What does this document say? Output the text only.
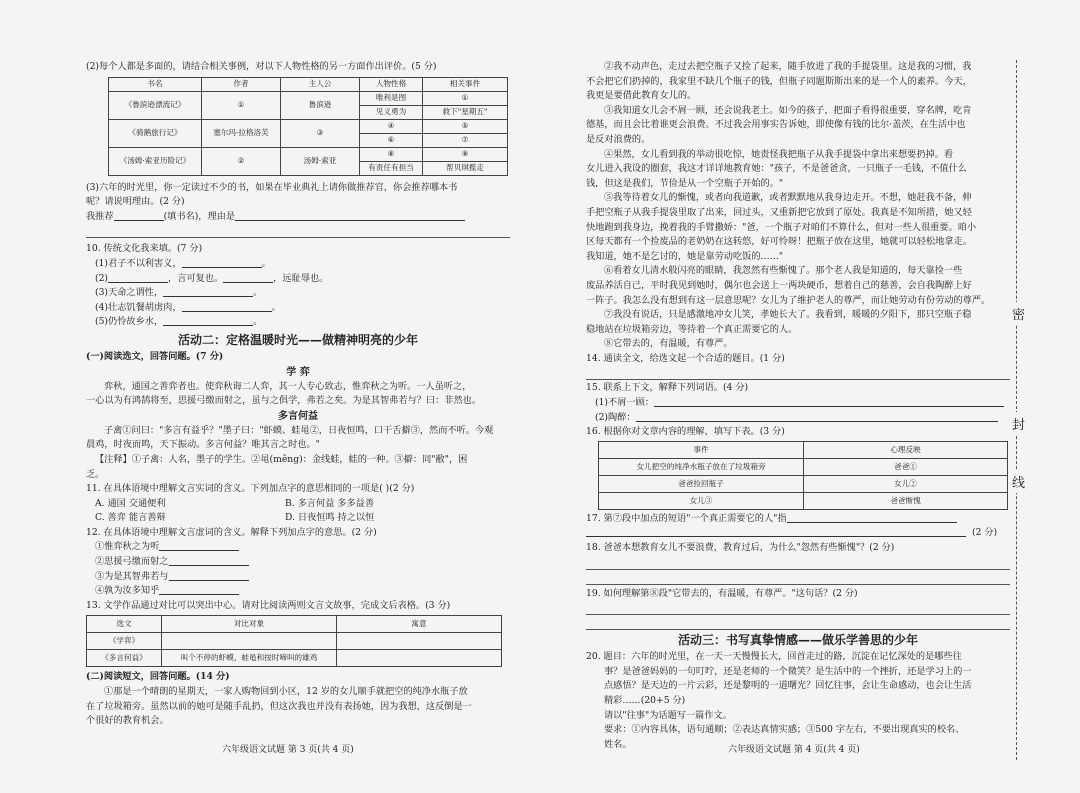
(2)每个人都是多面的，请结合相关事例，对以下人物性格的另一方面作出评价。(5 分)
书名	作者	主人公	人物性格	相关事件
《鲁滨逊漂流记》	①	鲁滨逊	唯利是图	①
			见义勇为	救下"星期五"
《骑鹅旅行记》	塞尔玛·拉格洛芙	③	④	⑤
			⑥	⑦
《汤姆·索亚历险记》	②	汤姆·索亚	⑧	⑨
			有责任有担当	帮贝琪揽走
(3)六年的时光里，你一定读过不少的书，如果在毕业典礼上请你做推荐官，你会推荐哪本书
呢？请说明理由。(2 分)
我推荐	(填书名)，理由是
10. 传统文化我来填。(7 分)
(1)君子不以利害义，	。
(2)	，言可复也。	，远耻辱也。
(3)天命之谓性，	。
(4)壮志饥餐胡虏肉，	。
(5)仍怜故乡水，	。
活动二：定格温暖时光——做精神明亮的少年
(一)阅读选文，回答问题。(7 分)
学 弈
弈秋，通国之善弈者也。使弈秋诲二人弈，其一人专心致志，惟弈秋之为听。一人虽听之，
一心以为有鸿鹄将至，思援弓缴而射之，虽与之俱学，弗若之矣。为是其智弗若与？曰：非然也。
多言何益
子禽①问曰："多言有益乎？"墨子曰："虾蟆、蛙黾②，日夜恒鸣，口干舌擗③，然而不听。今观
晨鸡，时夜而鸣，天下振动。多言何益？唯其言之时也。"
【注释】①子禽：人名，墨子的学生。②黾(měng)：金线蛙，蛙的一种。③擗：同"敝"，困
乏。
11. 在具体语境中理解文言实词的含义。下列加点字的意思相同的一项是( )(2 分)
A. 通国 交通便利	B. 多言何益 多多益善
C. 善弈 能言善辩	D. 日夜恒鸣 持之以恒
12. 在具体语境中理解文言虚词的含义。解释下列加点字的意思。(2 分)
①惟弈秋之为听
②思援弓缴而射之
③为是其智弗若与
④孰为汝多知乎
13. 文学作品通过对比可以突出中心。请对比阅读两则文言文故事，完成文后表格。(3 分)
选文	对比对象	寓意
《学弈》		
《多言何益》	叫个不停的虾蟆、蛙黾和按时啼叫的雄鸡	
(二)阅读短文，回答问题。(14 分)
①那是一个晴朗的星期天，一家人购物回到小区，12 岁的女儿顺手就把空的纯净水瓶子放
在了垃圾箱旁。虽然以前的她可是随手乱扔，但这次我也并没有表扬她，因为我想，这反倒是一
个很好的教育机会。
六年级语文试题 第 3 页(共 4 页)
②我不动声色，走过去把空瓶子又捡了起来，随手放进了我的手提袋里。这是我的习惯，我
不会把它们扔掉的，我家里不缺几个瓶子的钱，但瓶子同题斯斯出来的是一个人的素养。今天，
我更是要借此教育女儿的。
③我知道女儿会不屑一顾，还会说我老土。如今的孩子，把面子看得很重要，穿名牌，吃肯
德基，而且会比着谁更会浪费。不过我会用事实告诉她，即使像有钱的比尔·盖茨，在生活中也
是反对浪费的。
④果然，女儿看到我的举动很吃惊，她责怪我把瓶子从我手提袋中拿出来想要扔掉。看
女儿进入我设的圈套，我这才详详地教育她："孩子，不是爸爸贪，一只瓶子一毛钱，不值什么
钱，但这是我们，节俭是从一个空瓶子开始的。"
⑤我等待着女儿的惭愧，或者向我道歉，或者默默地从我身边走开。不想，她赶我不备，伸
手把空瓶子从我手提袋里取了出来，回过头，又重新把它放到了原处。我真是不知所措，她又轻
快地跑到我身边，挽着我的手臂撒娇："爸，一个瓶子对咱们不算什么，但对一些人很重要。咱小
区每天都有一个捡废品的老奶奶在这转悠，好可怜呀！把瓶子放在这里，她就可以轻松地拿走。
我知道，她不是乞讨的，她是靠劳动吃饭的……"
⑥看着女儿清水般闪亮的眼睛，我忽然有些惭愧了。那个老人我是知道的，每天靠捡一些
废品养活自己，平时我见到她时，偶尔也会送上一两块硬币，想着自己的慈善，会自我陶醉上好
一阵子。我怎么没有想到有这一层意思呢？女儿为了维护老人的尊严，而让她劳动有份劳动的尊严。
⑦我没有说话，只是感激地冲女儿笑，孝她长大了。我看到，暖暖的夕阳下，那只空瓶子稳
稳地站在垃圾箱旁边，等待着一个真正需要它的人。
⑧它带去的，有温暖，有尊严。
14. 通读全文，给选文起一个合适的题目。(1 分)
15. 联系上下文，解释下列词语。(4 分)
(1)不屑一顾：
(2)陶醉：
16. 根据你对文章内容的理解，填写下表。(3 分)
事件	心理反映
女儿把空的纯净水瓶子放在了垃圾箱旁	爸爸①
爸爸捡回瓶子	女儿②
女儿③	爸爸惭愧
17. 第⑦段中加点的短语"一个真正需要它的人"指
(2 分)
18. 爸爸本想教育女儿不要浪费，教育过后，为什么"忽然有些惭愧"？(2 分)
19. 如何理解第⑧段"它带去的，有温暖，有尊严。"这句话？(2 分)
活动三：书写真挚情感——做乐学善思的少年
20. 题目：六年的时光里，在一天一天慢慢长大，回首走过的路，沉淀在记忆深处的是哪些往
事？是爸爸妈妈的一句叮咛，还是老师的一个微笑？是生活中的一个挫折，还是学习上的一
点感悟？是天边的一片云彩，还是黎明的一道曙光？回忆往事，会让生命感动，也会让生活
精彩……(20+5 分)
请以"往事"为话题写一篇作文。
要求：①内容具体，语句通顺；②表达真情实感；③500 字左右，不要出现真实的校名、
姓名。
六年级语文试题 第 4 页(共 4 页)
密
封
线
